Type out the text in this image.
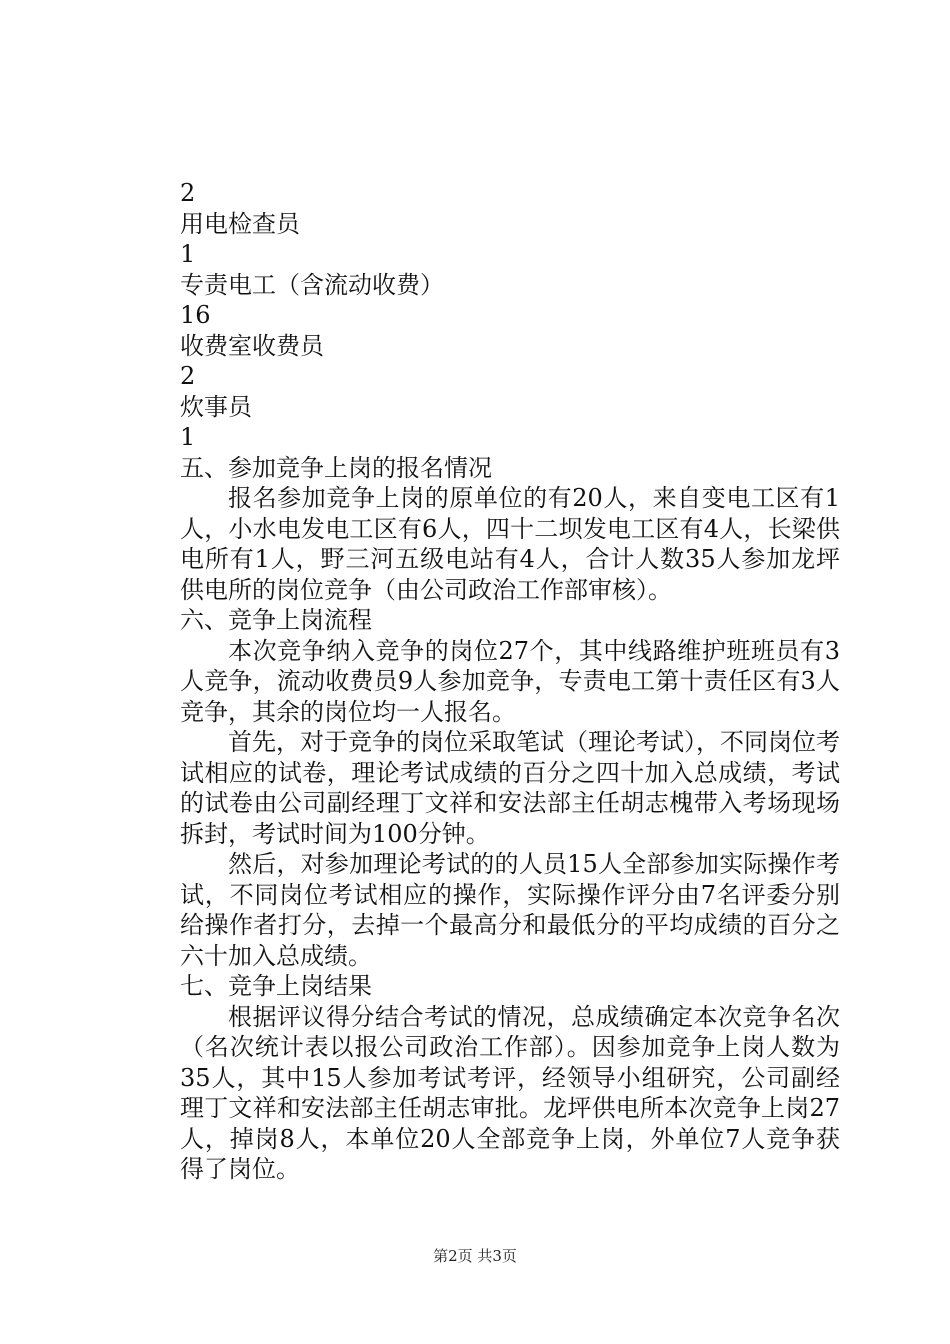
2
用电检查员
1
专责电工（含流动收费）
16
收费室收费员
2
炊事员
1
五、参加竞争上岗的报名情况
报名参加竞争上岗的原单位的有20人，来自变电工区有1人，小水电发电工区有6人，四十二坝发电工区有4人，长梁供电所有1人，野三河五级电站有4人，合计人数35人参加龙坪供电所的岗位竞争（由公司政治工作部审核）。
六、竞争上岗流程
本次竞争纳入竞争的岗位27个，其中线路维护班班员有3人竞争，流动收费员9人参加竞争，专责电工第十责任区有3人竞争，其余的岗位均一人报名。
首先，对于竞争的岗位采取笔试（理论考试），不同岗位考试相应的试卷，理论考试成绩的百分之四十加入总成绩，考试的试卷由公司副经理丁文祥和安法部主任胡志槐带入考场现场拆封，考试时间为100分钟。
然后，对参加理论考试的的人员15人全部参加实际操作考试，不同岗位考试相应的操作，实际操作评分由7名评委分别给操作者打分，去掉一个最高分和最低分的平均成绩的百分之六十加入总成绩。
七、竞争上岗结果
根据评议得分结合考试的情况，总成绩确定本次竞争名次（名次统计表以报公司政治工作部）。因参加竞争上岗人数为35人，其中15人参加考试考评，经领导小组研究，公司副经理丁文祥和安法部主任胡志审批。龙坪供电所本次竞争上岗27人，掉岗8人，本单位20人全部竞争上岗，外单位7人竞争获得了岗位。
第2页 共3页
